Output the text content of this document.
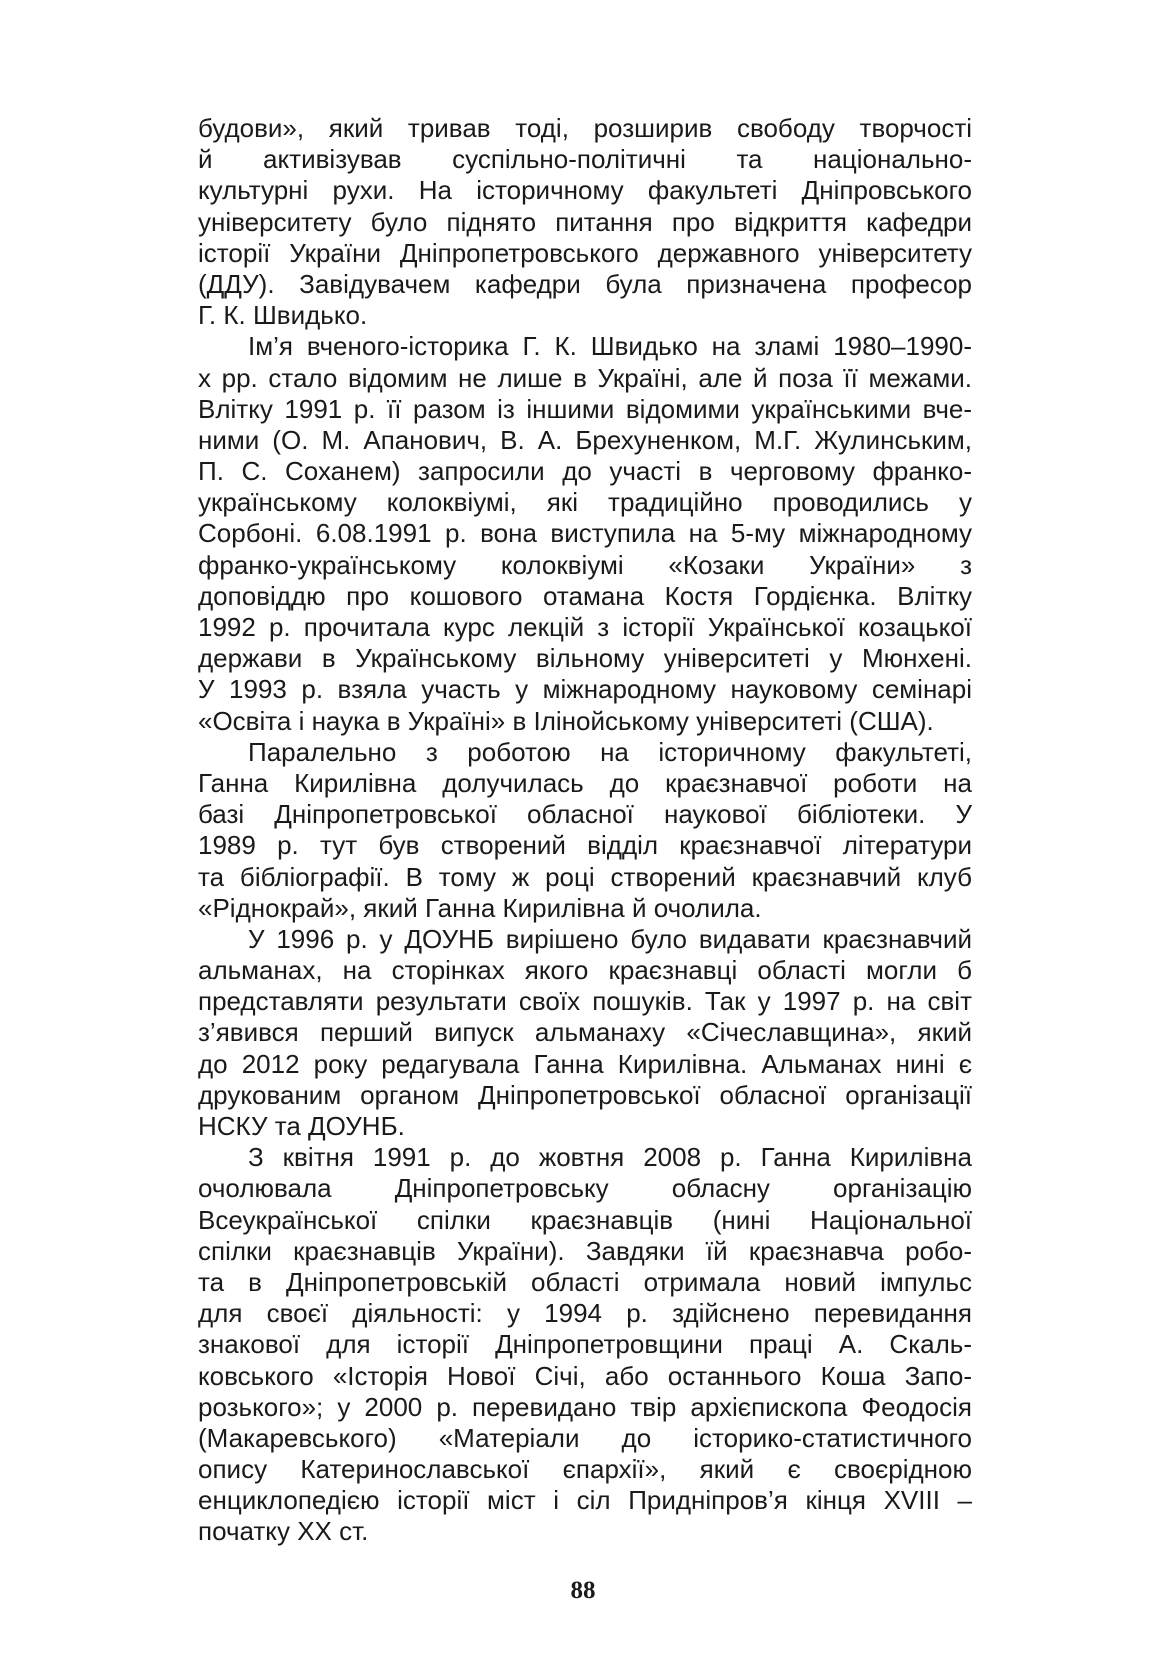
будови», який тривав тоді, розширив свободу творчості
й активізував суспільно-політичні та національно-
культурні рухи. На історичному факультеті Дніпровського
університету було піднято питання про відкриття кафедри
історії України Дніпропетровського державного університету
(ДДУ). Завідувачем кафедри була призначена професор
Г. К. Швидько.
Ім’я вченого-історика Г. К. Швидько на зламі 1980–1990-
х рр. стало відомим не лише в Україні, але й поза її межами.
Влітку 1991 р. її разом із іншими відомими українськими вче-
ними (О. М. Апанович, В. А. Брехуненком, М.Г. Жулинським,
П. С. Соханем) запросили до участі в черговому франко-
українському колоквіумі, які традиційно проводились у
Сорбоні. 6.08.1991 р. вона виступила на 5-му міжнародному
франко-українському колоквіумі «Козаки України» з
доповіддю про кошового отамана Костя Гордієнка. Влітку
1992 р. прочитала курс лекцій з історії Української козацької
держави в Українському вільному університеті у Мюнхені.
У 1993 р. взяла участь у міжнародному науковому семінарі
«Освіта і наука в Україні» в Ілінойському університеті (США).
Паралельно з роботою на історичному факультеті,
Ганна Кирилівна долучилась до краєзнавчої роботи на
базі Дніпропетровської обласної наукової бібліотеки. У
1989 р. тут був створений відділ краєзнавчої літератури
та бібліографії. В тому ж році створений краєзнавчий клуб
«Ріднокрай», який Ганна Кирилівна й очолила.
У 1996 р. у ДОУНБ вирішено було видавати краєзнавчий
альманах, на сторінках якого краєзнавці області могли б
представляти результати своїх пошуків. Так у 1997 р. на світ
з’явився перший випуск альманаху «Січеславщина», який
до 2012 року редагувала Ганна Кирилівна. Альманах нині є
друкованим органом Дніпропетровської обласної організації
НСКУ та ДОУНБ.
З квітня 1991 р. до жовтня 2008 р. Ганна Кирилівна
очолювала Дніпропетровську обласну організацію
Всеукраїнської спілки краєзнавців (нині Національної
спілки краєзнавців України). Завдяки їй краєзнавча робо-
та в Дніпропетровській області отримала новий імпульс
для своєї діяльності: у 1994 р. здійснено перевидання
знакової для історії Дніпропетровщини праці А. Скаль-
ковського «Історія Нової Січі, або останнього Коша Запо-
розького»; у 2000 р. перевидано твір архієпископа Феодосія
(Макаревського) «Матеріали до історико-статистичного
опису Катеринославської єпархії», який є своєрідною
енциклопедією історії міст і сіл Придніпров’я кінця XVIII –
початку XX ст.
88
